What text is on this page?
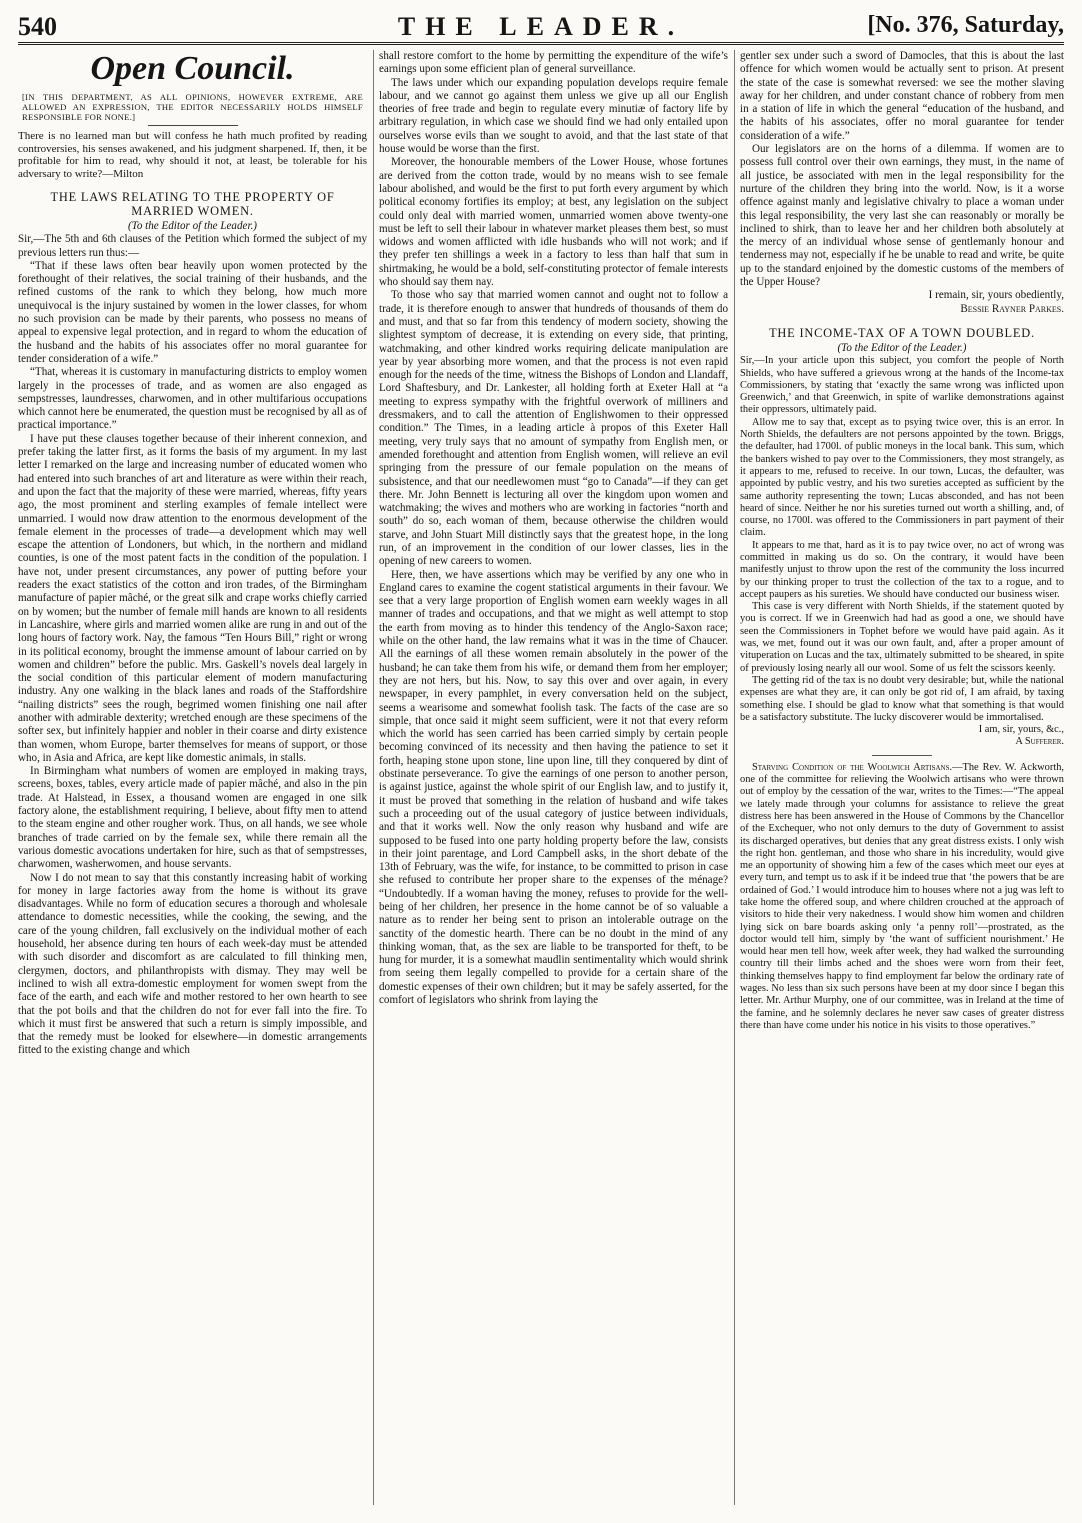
540	THE LEADER.	[No. 376, Saturday,
Open Council.
[IN THIS DEPARTMENT, AS ALL OPINIONS, HOWEVER EXTREME, ARE ALLOWED AN EXPRESSION, THE EDITOR NECESSARILY HOLDS HIMSELF RESPONSIBLE FOR NONE.]

There is no learned man but will confess he hath much profited by reading controversies, his senses awakened, and his judgment sharpened. If, then, it be profitable for him to read, why should it not, at least, be tolerable for his adversary to write?—Milton

THE LAWS RELATING TO THE PROPERTY OF MARRIED WOMEN.

(To the Editor of the Leader.)

Sir,—The 5th and 6th clauses of the Petition which formed the subject of my previous letters run thus:—

“That if these laws often bear heavily upon women protected by the forethought of their relatives, the social training of their husbands, and the refined customs of the rank to which they belong, how much more unequivocal is the injury sustained by women in the lower classes, for whom no such provision can be made by their parents, who possess no means of appeal to expensive legal protection, and in regard to whom the education of the husband and the habits of his associates offer no moral guarantee for tender consideration of a wife.”

“That, whereas it is customary in manufacturing districts to employ women largely in the processes of trade, and as women are also engaged as sempstresses, laundresses, charwomen, and in other multifarious occupations which cannot here be enumerated, the question must be recognised by all as of practical importance.”

I have put these clauses together because of their inherent connexion, and prefer taking the latter first, as it forms the basis of my argument. In my last letter I remarked on the large and increasing number of educated women who had entered into such branches of art and literature as were within their reach, and upon the fact that the majority of these were married, whereas, fifty years ago, the most prominent and sterling examples of female intellect were unmarried. I would now draw attention to the enormous development of the female element in the processes of trade—a development which may well escape the attention of Londoners, but which, in the northern and midland counties, is one of the most patent facts in the condition of the population. I have not, under present circumstances, any power of putting before your readers the exact statistics of the cotton and iron trades, of the Birmingham manufacture of papier mâché, or the great silk and crape works chiefly carried on by women; but the number of female mill hands are known to all residents in Lancashire, where girls and married women alike are rung in and out of the long hours of factory work. Nay, the famous “Ten Hours Bill,” right or wrong in its political economy, brought the immense amount of labour carried on by women and children” before the public. Mrs. Gaskell’s novels deal largely in the social condition of this particular element of modern manufacturing industry. Any one walking in the black lanes and roads of the Staffordshire “nailing districts” sees the rough, begrimed women finishing one nail after another with admirable dexterity; wretched enough are these specimens of the softer sex, but infinitely happier and nobler in their coarse and dirty existence than women, whom Europe, barter themselves for means of support, or those who, in Asia and Africa, are kept like domestic animals, in stalls.

In Birmingham what numbers of women are employed in making trays, screens, boxes, tables, every article made of papier mâché, and also in the pin trade. At Halstead, in Essex, a thousand women are engaged in one silk factory alone, the establishment requiring, I believe, about fifty men to attend to the steam engine and other rougher work. Thus, on all hands, we see whole branches of trade carried on by the female sex, while there remain all the various domestic avocations undertaken for hire, such as that of sempstresses, charwomen, washerwomen, and house servants.

Now I do not mean to say that this constantly increasing habit of working for money in large factories away from the home is without its grave disadvantages. While no form of education secures a thorough and wholesale attendance to domestic necessities, while the cooking, the sewing, and the care of the young children, fall exclusively on the individual mother of each household, her absence during ten hours of each week-day must be attended with such disorder and discomfort as are calculated to fill thinking men, clergymen, doctors, and philanthropists with dismay. They may well be inclined to wish all extra-domestic employment for women swept from the face of the earth, and each wife and mother restored to her own hearth to see that the pot boils and that the children do not for ever fall into the fire. To which it must first be answered that such a return is simply impossible, and that the remedy must be looked for elsewhere—in domestic arrangements fitted to the existing change and which

shall restore comfort to the home by permitting the expenditure of the wife’s earnings upon some efficient plan of general surveillance.

The laws under which our expanding population develops require female labour, and we cannot go against them unless we give up all our English theories of free trade and begin to regulate every minutiæ of factory life by arbitrary regulation, in which case we should find we had only entailed upon ourselves worse evils than we sought to avoid, and that the last state of that house would be worse than the first.

Moreover, the honourable members of the Lower House, whose fortunes are derived from the cotton trade, would by no means wish to see female labour abolished, and would be the first to put forth every argument by which political economy fortifies its employ; at best, any legislation on the subject could only deal with married women, unmarried women above twenty-one must be left to sell their labour in whatever market pleases them best, so must widows and women afflicted with idle husbands who will not work; and if they prefer ten shillings a week in a factory to less than half that sum in shirtmaking, he would be a bold, self-constituting protector of female interests who should say them nay.

To those who say that married women cannot and ought not to follow a trade, it is therefore enough to answer that hundreds of thousands of them do and must, and that so far from this tendency of modern society, showing the slightest symptom of decrease, it is extending on every side, that printing, watchmaking, and other kindred works requiring delicate manipulation are year by year absorbing more women, and that the process is not even rapid enough for the needs of the time, witness the Bishops of London and Llandaff, Lord Shaftesbury, and Dr. Lankester, all holding forth at Exeter Hall at “a meeting to express sympathy with the frightful overwork of milliners and dressmakers, and to call the attention of Englishwomen to their oppressed condition.” The Times, in a leading article à propos of this Exeter Hall meeting, very truly says that no amount of sympathy from English men, or amended forethought and attention from English women, will relieve an evil springing from the pressure of our female population on the means of subsistence, and that our needlewomen must “go to Canada”—if they can get there. Mr. John Bennett is lecturing all over the kingdom upon women and watchmaking; the wives and mothers who are working in factories “north and south” do so, each woman of them, because otherwise the children would starve, and John Stuart Mill distinctly says that the greatest hope, in the long run, of an improvement in the condition of our lower classes, lies in the opening of new careers to women.

Here, then, we have assertions which may be verified by any one who in England cares to examine the cogent statistical arguments in their favour. We see that a very large proportion of English women earn weekly wages in all manner of trades and occupations, and that we might as well attempt to stop the earth from moving as to hinder this tendency of the Anglo-Saxon race; while on the other hand, the law remains what it was in the time of Chaucer. All the earnings of all these women remain absolutely in the power of the husband; he can take them from his wife, or demand them from her employer; they are not hers, but his. Now, to say this over and over again, in every newspaper, in every pamphlet, in every conversation held on the subject, seems a wearisome and somewhat foolish task. The facts of the case are so simple, that once said it might seem sufficient, were it not that every reform which the world has seen carried has been carried simply by certain people becoming convinced of its necessity and then having the patience to set it forth, heaping stone upon stone, line upon line, till they conquered by dint of obstinate perseverance. To give the earnings of one person to another person, is against justice, against the whole spirit of our English law, and to justify it, it must be proved that something in the relation of husband and wife takes such a proceeding out of the usual category of justice between individuals, and that it works well. Now the only reason why husband and wife are supposed to be fused into one party holding property before the law, consists in their joint parentage, and Lord Campbell asks, in the short debate of the 13th of February, was the wife, for instance, to be committed to prison in case she refused to contribute her proper share to the expenses of the ménage? “Undoubtedly. If a woman having the money, refuses to provide for the well-being of her children, her presence in the home cannot be of so valuable a nature as to render her being sent to prison an intolerable outrage on the sanctity of the domestic hearth. There can be no doubt in the mind of any thinking woman, that, as the sex are liable to be transported for theft, to be hung for murder, it is a somewhat maudlin sentimentality which would shrink from seeing them legally compelled to provide for a certain share of the domestic expenses of their own children; but it may be safely asserted, for the comfort of legislators who shrink from laying the

gentler sex under such a sword of Damocles, that this is about the last offence for which women would be actually sent to prison. At present the state of the case is somewhat reversed: we see the mother slaving away for her children, and under constant chance of robbery from men in a station of life in which the general “education of the husband, and the habits of his associates, offer no moral guarantee for tender consideration of a wife.”

Our legislators are on the horns of a dilemma. If women are to possess full control over their own earnings, they must, in the name of all justice, be associated with men in the legal responsibility for the nurture of the children they bring into the world. Now, is it a worse offence against manly and legislative chivalry to place a woman under this legal responsibility, the very last she can reasonably or morally be inclined to shirk, than to leave her and her children both absolutely at the mercy of an individual whose sense of gentlemanly honour and tenderness may not, especially if he be unable to read and write, be quite up to the standard enjoined by the domestic customs of the members of the Upper House?

I remain, sir, yours obediently,

Bessie Rayner Parkes.

THE INCOME-TAX OF A TOWN DOUBLED.

(To the Editor of the Leader.)

Sir,—In your article upon this subject, you comfort the people of North Shields, who have suffered a grievous wrong at the hands of the Income-tax Commissioners, by stating that ‘exactly the same wrong was inflicted upon Greenwich,’ and that Greenwich, in spite of warlike demonstrations against their oppressors, ultimately paid.

Allow me to say that, except as to psying twice over, this is an error. In North Shields, the defaulters are not persons appointed by the town. Briggs, the defaulter, had 1700l. of public moneys in the local bank. This sum, which the bankers wished to pay over to the Commissioners, they most strangely, as it appears to me, refused to receive. In our town, Lucas, the defaulter, was appointed by public vestry, and his two sureties accepted as sufficient by the same authority representing the town; Lucas absconded, and has not been heard of since. Neither he nor his sureties turned out worth a shilling, and, of course, no 1700l. was offered to the Commissioners in part payment of their claim.

It appears to me that, hard as it is to pay twice over, no act of wrong was committed in making us do so. On the contrary, it would have been manifestly unjust to throw upon the rest of the community the loss incurred by our thinking proper to trust the collection of the tax to a rogue, and to accept paupers as his sureties. We should have conducted our business wiser.

This case is very different with North Shields, if the statement quoted by you is correct. If we in Greenwich had had as good a one, we should have seen the Commissioners in Tophet before we would have paid again. As it was, we met, found out it was our own fault, and, after a proper amount of vituperation on Lucas and the tax, ultimately submitted to be sheared, in spite of previously losing nearly all our wool. Some of us felt the scissors keenly.

The getting rid of the tax is no doubt very desirable; but, while the national expenses are what they are, it can only be got rid of, I am afraid, by taxing something else. I should be glad to know what that something is that would be a satisfactory substitute. The lucky discoverer would be immortalised.

I am, sir, yours, &c.,

A Sufferer.

Starving Condition of the Woolwich Artisans.—The Rev. W. Ackworth, one of the committee for relieving the Woolwich artisans who were thrown out of employ by the cessation of the war, writes to the Times:—“The appeal we lately made through your columns for assistance to relieve the great distress here has been answered in the House of Commons by the Chancellor of the Exchequer, who not only demurs to the duty of Government to assist its discharged operatives, but denies that any great distress exists. I only wish the right hon. gentleman, and those who share in his incredulity, would give me an opportunity of showing him a few of the cases which meet our eyes at every turn, and tempt us to ask if it be indeed true that ‘the powers that be are ordained of God.’ I would introduce him to houses where not a jug was left to take home the offered soup, and where children crouched at the approach of visitors to hide their very nakedness. I would show him women and children lying sick on bare boards asking only ‘a penny roll’—prostrated, as the doctor would tell him, simply by ‘the want of sufficient nourishment.’ He would hear men tell how, week after week, they had walked the surrounding country till their limbs ached and the shoes were worn from their feet, thinking themselves happy to find employment far below the ordinary rate of wages. No less than six such persons have been at my door since I began this letter. Mr. Arthur Murphy, one of our committee, was in Ireland at the time of the famine, and he solemnly declares he never saw cases of greater distress there than have come under his notice in his visits to those operatives.”
